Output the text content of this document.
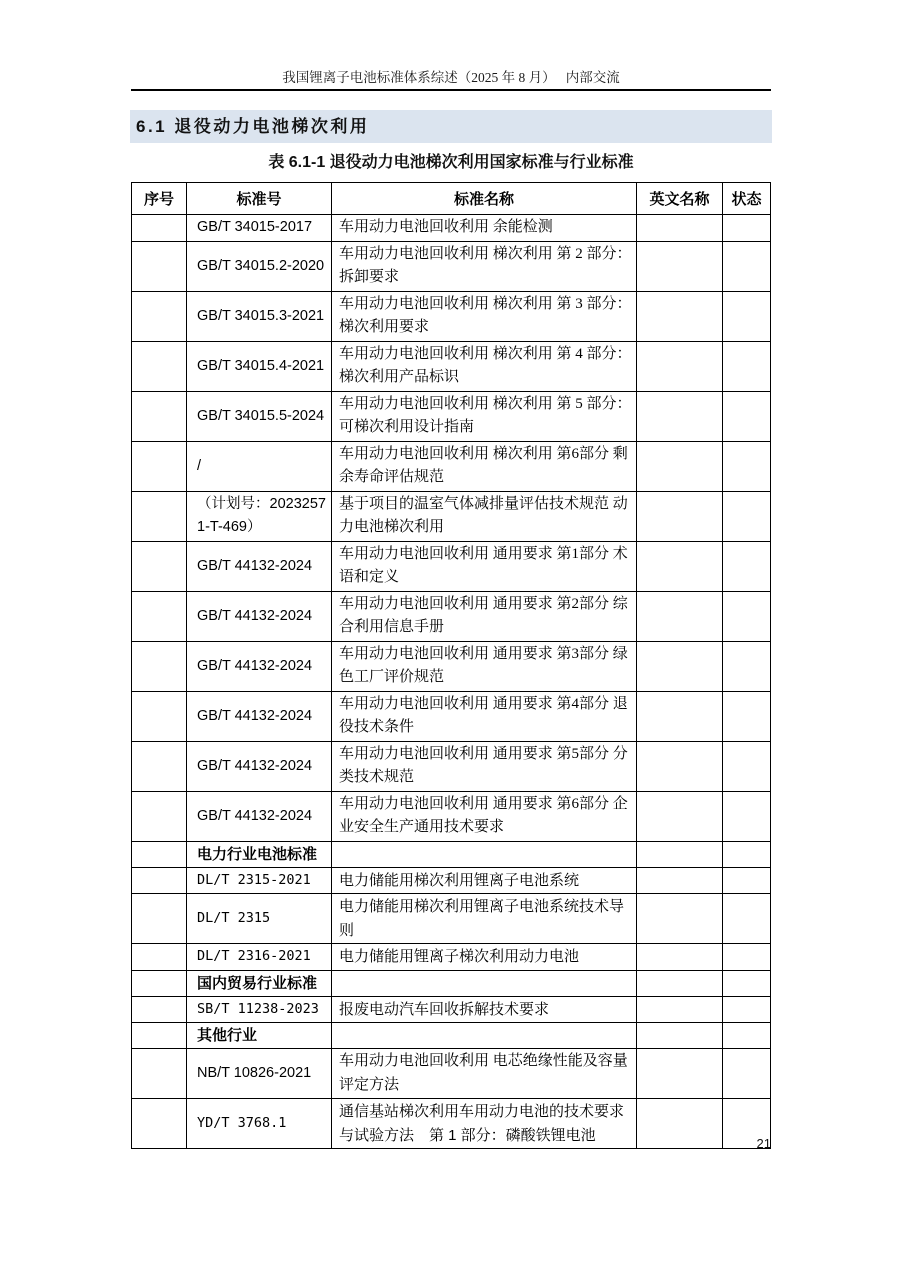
我国锂离子电池标准体系综述（2025 年 8 月）　 内部交流
6.1 退役动力电池梯次利用
表 6.1-1 退役动力电池梯次利用国家标准与行业标准
序号	标准号	标准名称	英文名称	状态
	GB/T 34015-2017	车用动力电池回收利用 余能检测		
	GB/T 34015.2-2020	车用动力电池回收利用 梯次利用 第 2 部分：拆卸要求		
	GB/T 34015.3-2021	车用动力电池回收利用 梯次利用 第 3 部分：梯次利用要求		
	GB/T 34015.4-2021	车用动力电池回收利用 梯次利用 第 4 部分：梯次利用产品标识		
	GB/T 34015.5-2024	车用动力电池回收利用 梯次利用 第 5 部分：可梯次利用设计指南		
	/	车用动力电池回收利用 梯次利用 第6部分 剩余寿命评估规范		
	（计划号：20232571-T-469）	基于项目的温室气体减排量评估技术规范 动力电池梯次利用		
	GB/T 44132-2024	车用动力电池回收利用 通用要求 第1部分 术语和定义		
	GB/T 44132-2024	车用动力电池回收利用 通用要求 第2部分 综合利用信息手册		
	GB/T 44132-2024	车用动力电池回收利用 通用要求 第3部分 绿色工厂评价规范		
	GB/T 44132-2024	车用动力电池回收利用 通用要求 第4部分 退役技术条件		
	GB/T 44132-2024	车用动力电池回收利用 通用要求 第5部分 分类技术规范		
	GB/T 44132-2024	车用动力电池回收利用 通用要求 第6部分 企业安全生产通用技术要求		
	电力行业电池标准			
	DL/T 2315-2021	电力储能用梯次利用锂离子电池系统		
	DL/T 2315	电力储能用梯次利用锂离子电池系统技术导则		
	DL/T 2316-2021	电力储能用锂离子梯次利用动力电池		
	国内贸易行业标准			
	SB/T 11238-2023	报废电动汽车回收拆解技术要求		
	其他行业			
	NB/T 10826-2021	车用动力电池回收利用 电芯绝缘性能及容量评定方法		
	YD/T 3768.1	通信基站梯次利用车用动力电池的技术要求与试验方法　第 1 部分：磷酸铁锂电池			21
